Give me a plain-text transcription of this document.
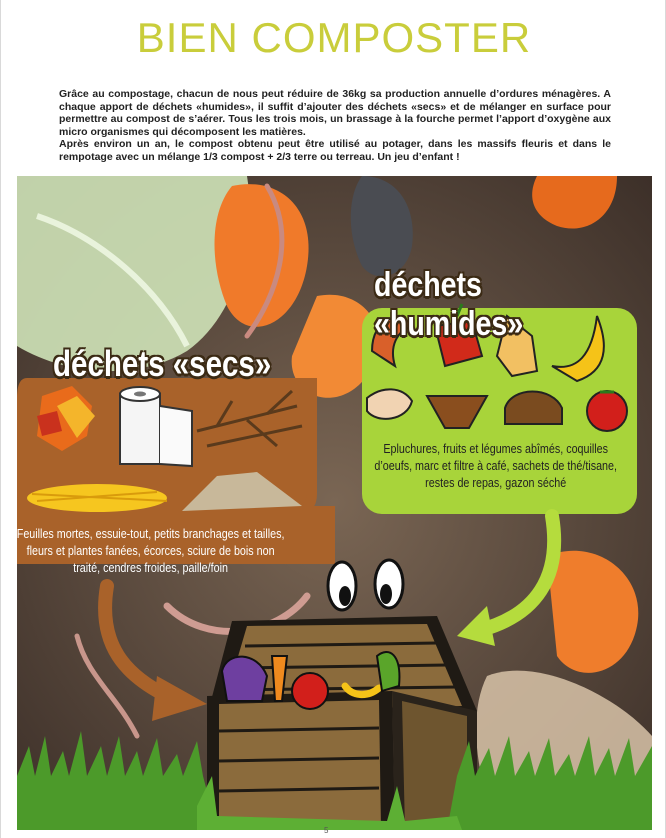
BIEN COMPOSTER

Grâce au compostage, chacun de nous peut réduire de 36kg sa production annuelle d’ordures ménagères. A chaque apport de déchets «humides», il suffit d’ajouter des déchets «secs» et de mélanger en surface pour permettre au compost de s’aérer. Tous les trois mois, un brassage à la fourche permet l’apport d’oxygène aux micro organismes qui décomposent les matières.

Après environ un an, le compost obtenu peut être utilisé au potager, dans les massifs fleuris et dans le rempotage avec un mélange 1/3 compost + 2/3 terre ou terreau. Un jeu d’enfant !

déchets «secs»
déchets «humides»
Feuilles mortes, essuie-tout, petits branchages et tailles, fleurs et plantes fanées, écorces, sciure de bois non traité, cendres froides, paille/foin
Epluchures, fruits et légumes abîmés, coquilles d’oeufs, marc et filtre à café, sachets de thé/tisane, restes de repas, gazon séché
5
